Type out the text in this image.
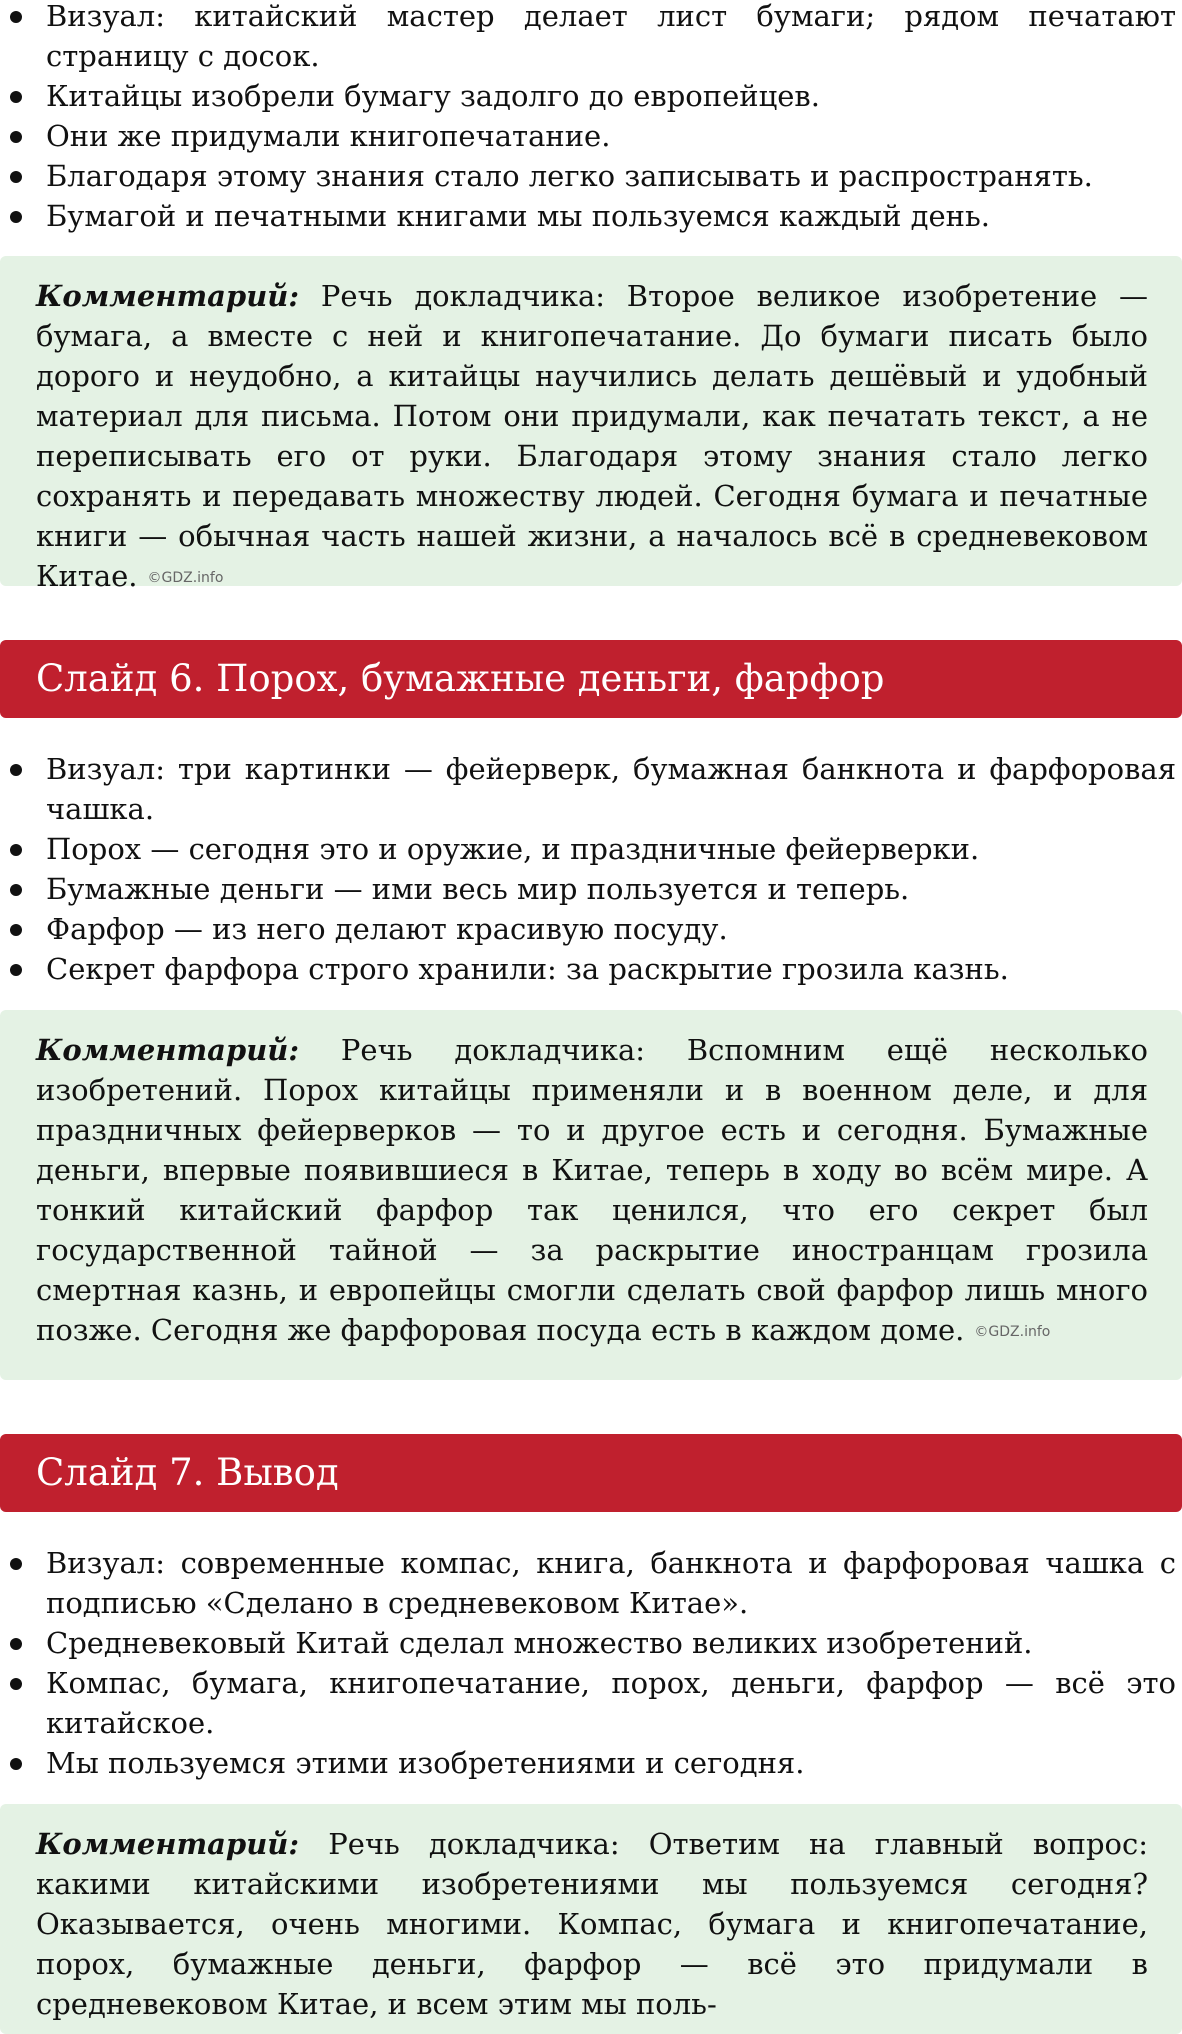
Визуал: китайский мастер делает лист бумаги; рядом печатают страницу с досок.
Китайцы изобрели бумагу задолго до европейцев.
Они же придумали книгопечатание.
Благодаря этому знания стало легко записывать и распространять.
Бумагой и печатными книгами мы пользуемся каждый день.
Комментарий: Речь докладчика: Второе великое изобретение — бумага, а вместе с ней и книгопечатание. До бумаги писать было дорого и неудобно, а китайцы научились делать дешёвый и удобный материал для письма. Потом они придумали, как печатать текст, а не переписывать его от руки. Благодаря этому знания стало легко сохранять и передавать множеству людей. Сегодня бумага и печатные книги — обычная часть нашей жизни, а началось всё в средневековом Китае. ©GDZ.info
Слайд 6. Порох, бумажные деньги, фарфор
Визуал: три картинки — фейерверк, бумажная банкнота и фарфоровая чашка.
Порох — сегодня это и оружие, и праздничные фейерверки.
Бумажные деньги — ими весь мир пользуется и теперь.
Фарфор — из него делают красивую посуду.
Секрет фарфора строго хранили: за раскрытие грозила казнь.
Комментарий: Речь докладчика: Вспомним ещё несколько изобретений. Порох китайцы применяли и в военном деле, и для праздничных фейерверков — то и другое есть и сегодня. Бумажные деньги, впервые появившиеся в Китае, теперь в ходу во всём мире. А тонкий китайский фарфор так ценился, что его секрет был государственной тайной — за раскрытие иностранцам грозила смертная казнь, и европейцы смогли сделать свой фарфор лишь много позже. Сегодня же фарфоровая посуда есть в каждом доме. ©GDZ.info
Слайд 7. Вывод
Визуал: современные компас, книга, банкнота и фарфоровая чашка с подписью «Сделано в средневековом Китае».
Средневековый Китай сделал множество великих изобретений.
Компас, бумага, книгопечатание, порох, деньги, фарфор — всё это китайское.
Мы пользуемся этими изобретениями и сегодня.
Комментарий: Речь докладчика: Ответим на главный вопрос: какими китайскими изобретениями мы пользуемся сегодня? Оказывается, очень многими. Компас, бумага и книгопечатание, порох, бумажные деньги, фарфор — всё это придумали в средневековом Китае, и всем этим мы поль-
